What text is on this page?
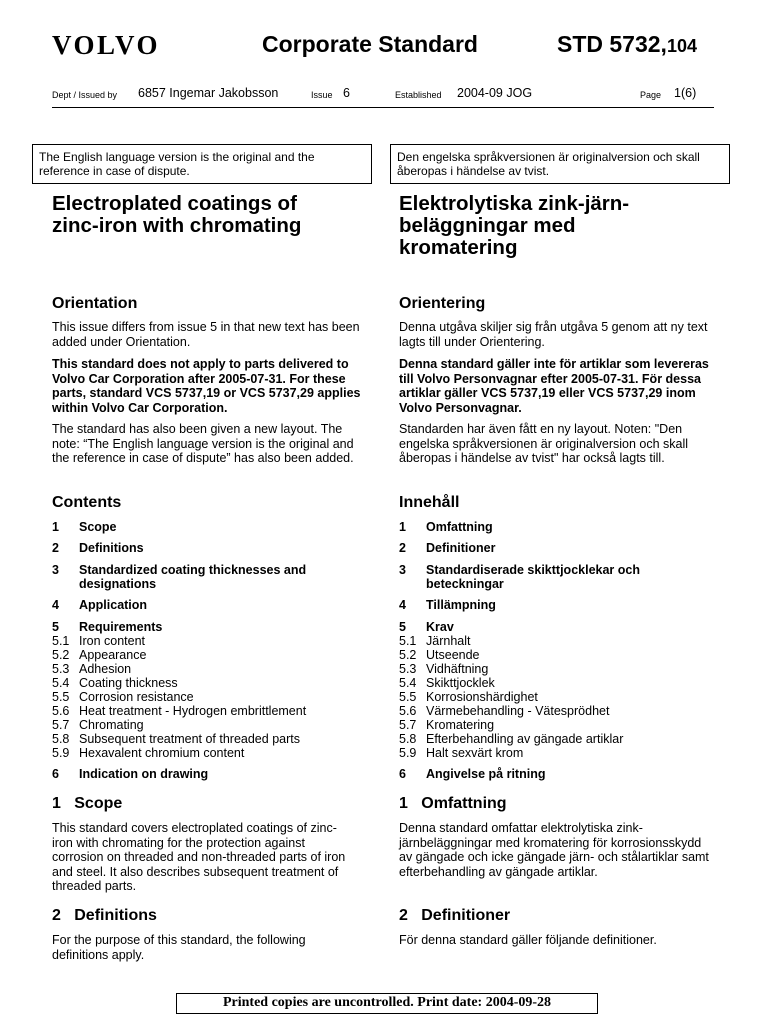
VOLVO	Corporate Standard	STD 5732,104
Dept / Issued by 6857 Ingemar Jakobsson	Issue 6	Established 2004-09 JOG	Page 1(6)
The English language version is the original and the reference in case of dispute.
Den engelska språkversionen är originalversion och skall åberopas i händelse av tvist.
Electroplated coatings of
zinc-iron with chromating
Orientation
This issue differs from issue 5 in that new text has been added under Orientation.
This standard does not apply to parts delivered to Volvo Car Corporation after 2005-07-31. For these parts, standard VCS 5737,19 or VCS 5737,29 applies within Volvo Car Corporation.
The standard has also been given a new layout. The note: “The English language version is the original and the reference in case of dispute” has also been added.
Contents
1 Scope
2 Definitions
3 Standardized coating thicknesses and designations
4 Application
5 Requirements
5.1 Iron content
5.2 Appearance
5.3 Adhesion
5.4 Coating thickness
5.5 Corrosion resistance
5.6 Heat treatment - Hydrogen embrittlement
5.7 Chromating
5.8 Subsequent treatment of threaded parts
5.9 Hexavalent chromium content
6 Indication on drawing
1 Scope
This standard covers electroplated coatings of zinc-iron with chromating for the protection against corrosion on threaded and non-threaded parts of iron and steel. It also describes subsequent treatment of threaded parts.
2 Definitions
For the purpose of this standard, the following definitions apply.
Elektrolytiska zink-järn-
beläggningar med
kromatering
Orientering
Denna utgåva skiljer sig från utgåva 5 genom att ny text lagts till under Orientering.
Denna standard gäller inte för artiklar som levereras till Volvo Personvagnar efter 2005-07-31. För dessa artiklar gäller VCS 5737,19 eller VCS 5737,29 inom Volvo Personvagnar.
Standarden har även fått en ny layout. Noten: "Den engelska språkversionen är originalversion och skall åberopas i händelse av tvist" har också lagts till.
Innehåll
1 Omfattning
2 Definitioner
3 Standardiserade skikttjocklekar och beteckningar
4 Tillämpning
5 Krav
5.1 Järnhalt
5.2 Utseende
5.3 Vidhäftning
5.4 Skikttjocklek
5.5 Korrosionshärdighet
5.6 Värmebehandling - Vätesprödhet
5.7 Kromatering
5.8 Efterbehandling av gängade artiklar
5.9 Halt sexvärt krom
6 Angivelse på ritning
1 Omfattning
Denna standard omfattar elektrolytiska zink-järnbeläggningar med kromatering för korrosionsskydd av gängade och icke gängade järn- och stålartiklar samt efterbehandling av gängade artiklar.
2 Definitioner
För denna standard gäller följande definitioner.
Printed copies are uncontrolled. Print date: 2004-09-28
